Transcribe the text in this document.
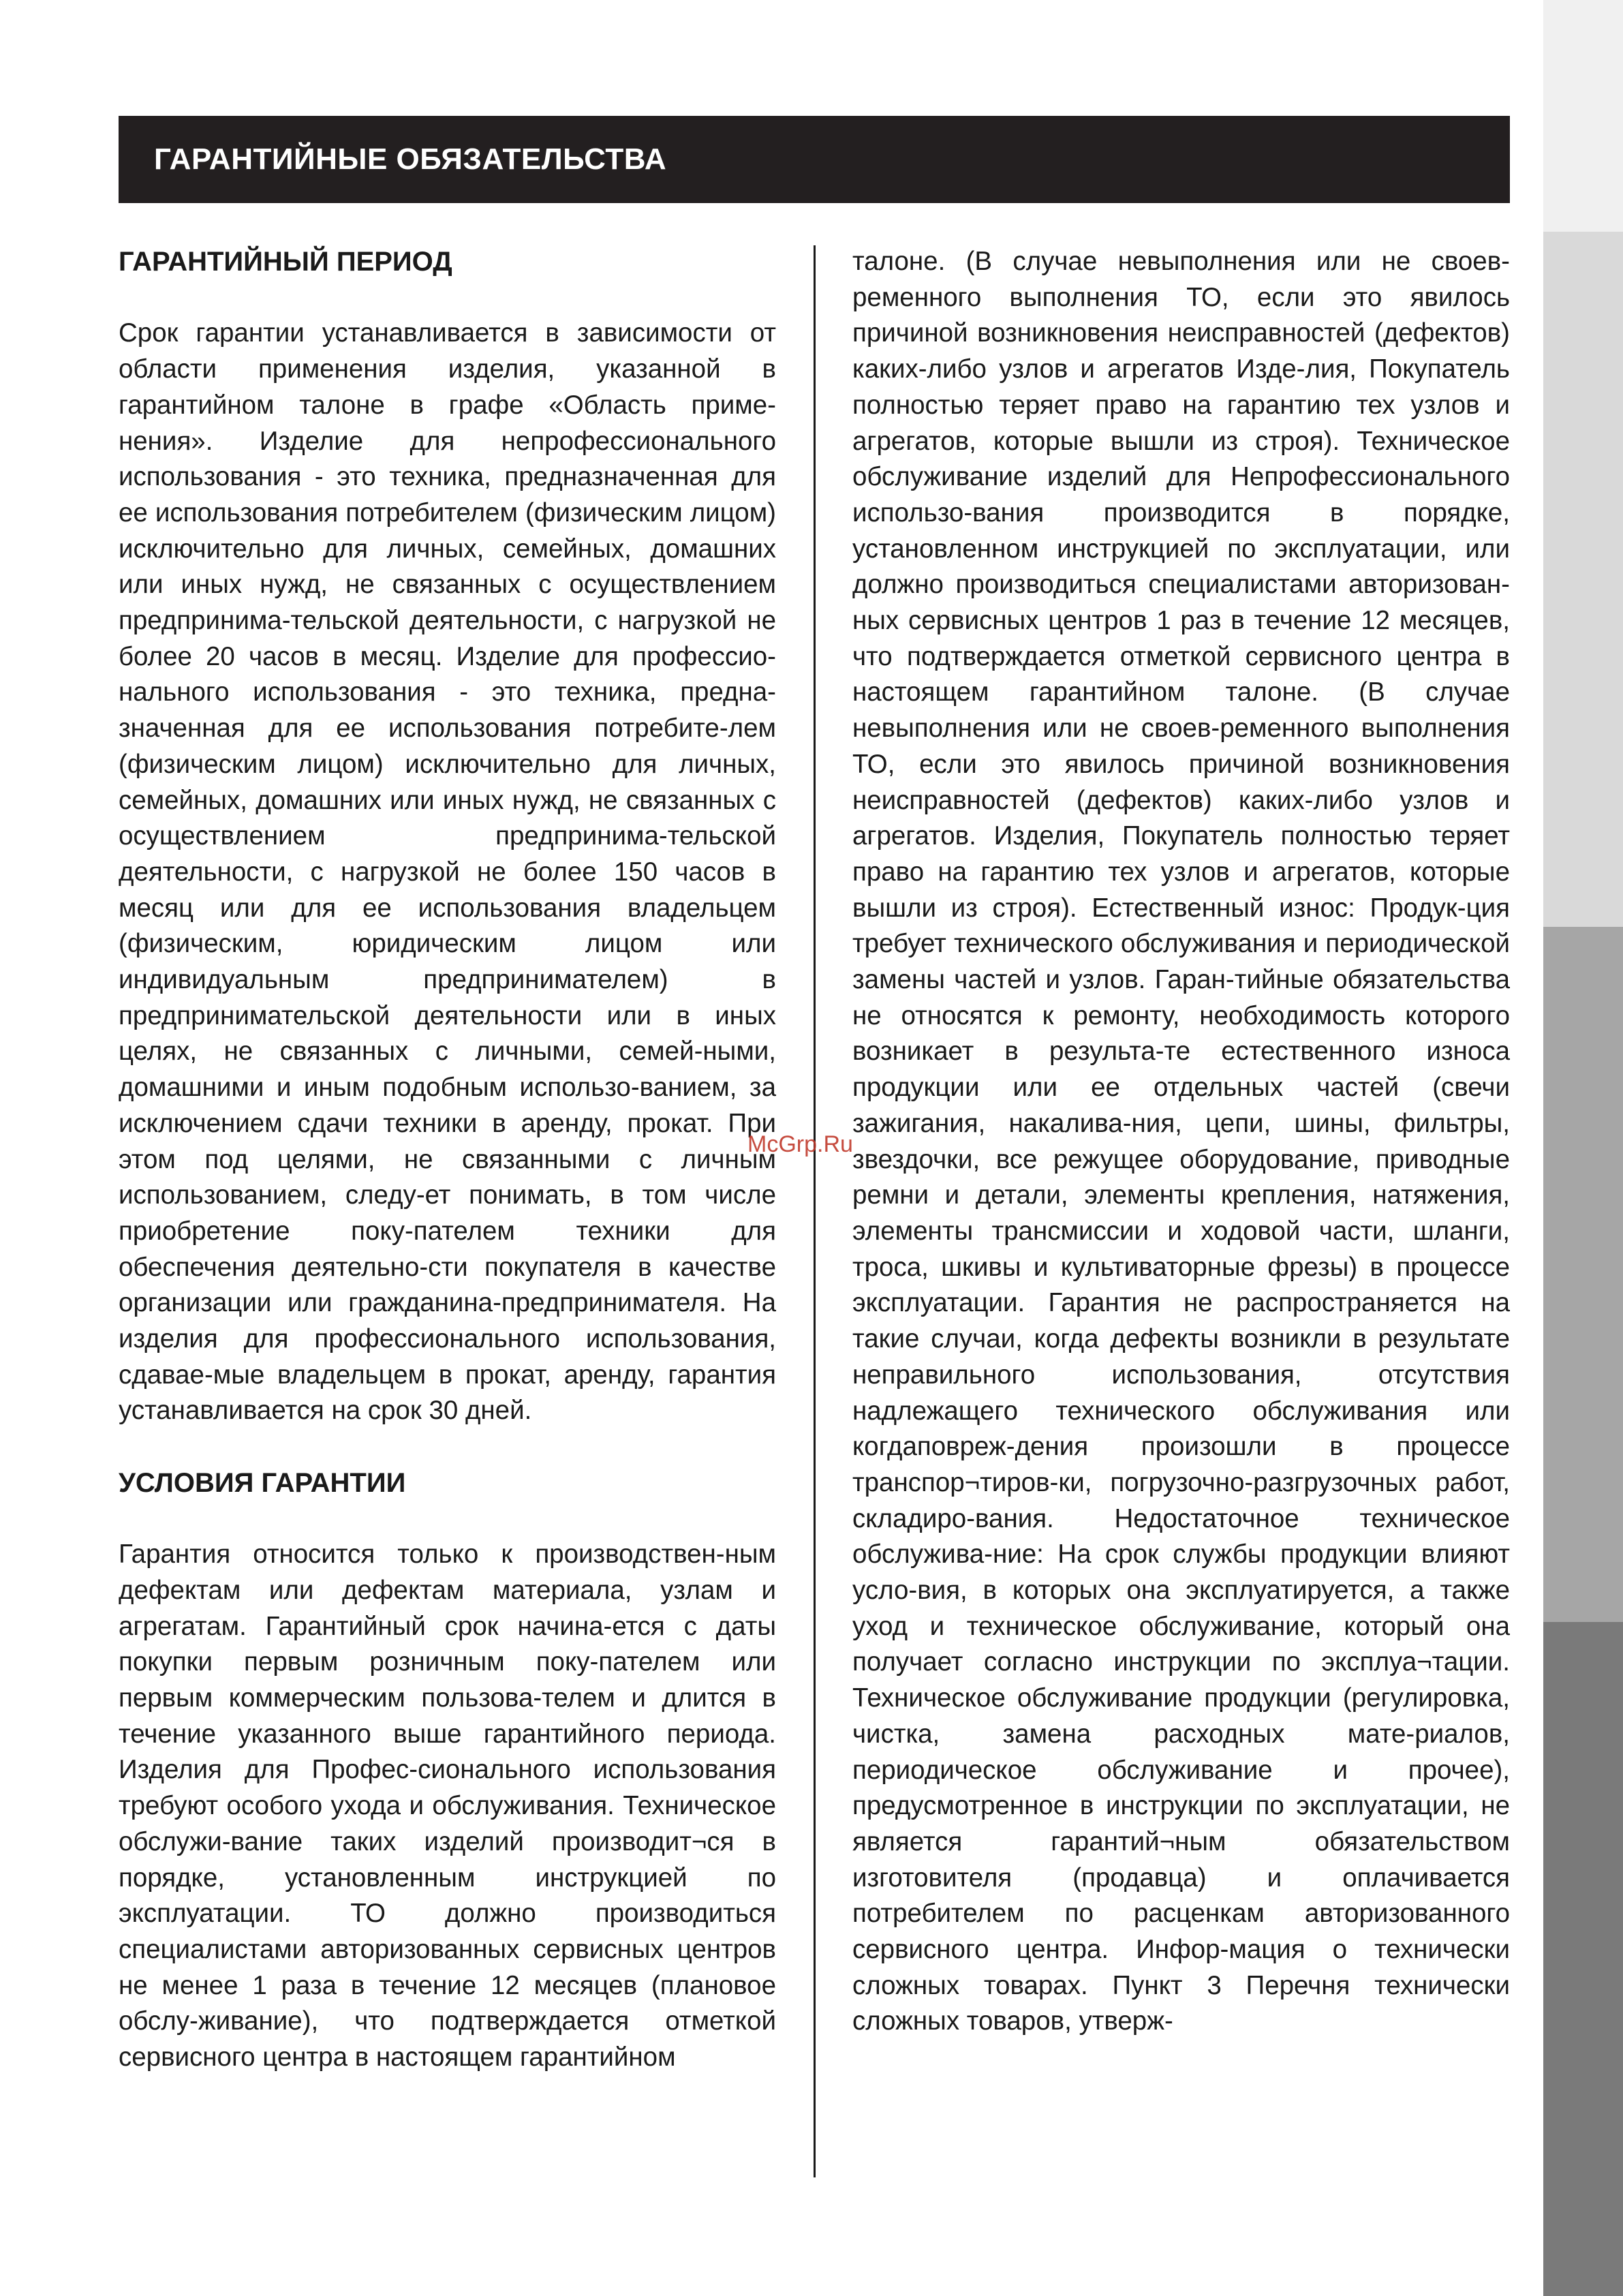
ГАРАНТИЙНЫЕ ОБЯЗАТЕЛЬСТВА
ГАРАНТИЙНЫЙ ПЕРИОД

Срок гарантии устанавливается в зависимости от области применения изделия, указанной в гарантийном талоне в графе «Область приме-нения». Изделие для непрофессионального использования - это техника, предназначенная для ее использования потребителем (физическим лицом) исключительно для личных, семейных, домашних или иных нужд, не связанных с осуществлением предпринима-тельской деятельности, с нагрузкой не более 20 часов в месяц. Изделие для профессио-нального использования - это техника, предна-значенная для ее использования потребите-лем (физическим лицом) исключительно для личных, семейных, домашних или иных нужд, не связанных с осуществлением предпринима-тельской деятельности, с нагрузкой не более 150 часов в месяц или для ее использования владельцем (физическим, юридическим лицом или индивидуальным предпринимателем) в предпринимательской деятельности или в иных целях, не связанных с личными, семей-ными, домашними и иным подобным использо-ванием, за исключением сдачи техники в аренду, прокат. При этом под целями, не связанными с личным использованием, следу-ет понимать, в том числе приобретение поку-пателем техники для обеспечения деятельно-сти покупателя в качестве организации или гражданина-предпринимателя. На изделия для профессионального использования, сдавае-мые владельцем в прокат, аренду, гарантия устанавливается на срок 30 дней.

УСЛОВИЯ ГАРАНТИИ

Гарантия относится только к производствен-ным дефектам или дефектам материала, узлам и агрегатам. Гарантийный срок начина-ется с даты покупки первым розничным поку-пателем или первым коммерческим пользова-телем и длится в течение указанного выше гарантийного периода. Изделия для Профес-сионального использования требуют особого ухода и обслуживания. Техническое обслужи-вание таких изделий производит¬ся в порядке, установленным инструкцией по эксплуатации. ТО должно производиться специалистами авторизованных сервисных центров не менее 1 раза в течение 12 месяцев (плановое обслу-живание), что подтверждается отметкой сервисного центра в настоящем гарантийном

талоне. (В случае невыполнения или не своев-ременного выполнения ТО, если это явилось причиной возникновения неисправностей (дефектов) каких-либо узлов и агрегатов Изде-лия, Покупатель полностью теряет право на гарантию тех узлов и агрегатов, которые вышли из строя). Техническое обслуживание изделий для Непрофессионального использо-вания производится в порядке, установленном инструкцией по эксплуатации, или должно производиться специалистами авторизован-ных сервисных центров 1 раз в течение 12 месяцев, что подтверждается отметкой сервисного центра в настоящем гарантийном талоне. (В случае невыполнения или не своев-ременного выполнения ТО, если это явилось причиной возникновения неисправностей (дефектов) каких-либо узлов и агрегатов. Изделия, Покупатель полностью теряет право на гарантию тех узлов и агрегатов, которые вышли из строя). Естественный износ: Продук-ция требует технического обслуживания и периодической замены частей и узлов. Гаран-тийные обязательства не относятся к ремонту, необходимость которого возникает в результа-те естественного износа продукции или ее отдельных частей (свечи зажигания, накалива-ния, цепи, шины, фильтры, звездочки, все режущее оборудование, приводные ремни и детали, элементы крепления, натяжения, элементы трансмиссии и ходовой части, шланги, троса, шкивы и культиваторные фрезы) в процессе эксплуатации. Гарантия не распространяется на такие случаи, когда дефекты возникли в результате неправильного использования, отсутствия надлежащего технического обслуживания или когдаповреж-дения произошли в процессе транспор¬тиров-ки, погрузочно-разгрузочных работ, складиро-вания. Недостаточное техническое обслужива-ние: На срок службы продукции влияют усло-вия, в которых она эксплуатируется, а также уход и техническое обслуживание, который она получает согласно инструкции по эксплуа¬тации. Техническое обслуживание продукции (регулировка, чистка, замена расходных мате-риалов, периодическое обслуживание и прочее), предусмотренное в инструкции по эксплуатации, не является гарантий¬ным обязательством изготовителя (продавца) и оплачивается потребителем по расценкам авторизованного сервисного центра. Инфор-мация о технически сложных товарах. Пункт 3 Перечня технически сложных товаров, утверж-

McGrp.Ru
